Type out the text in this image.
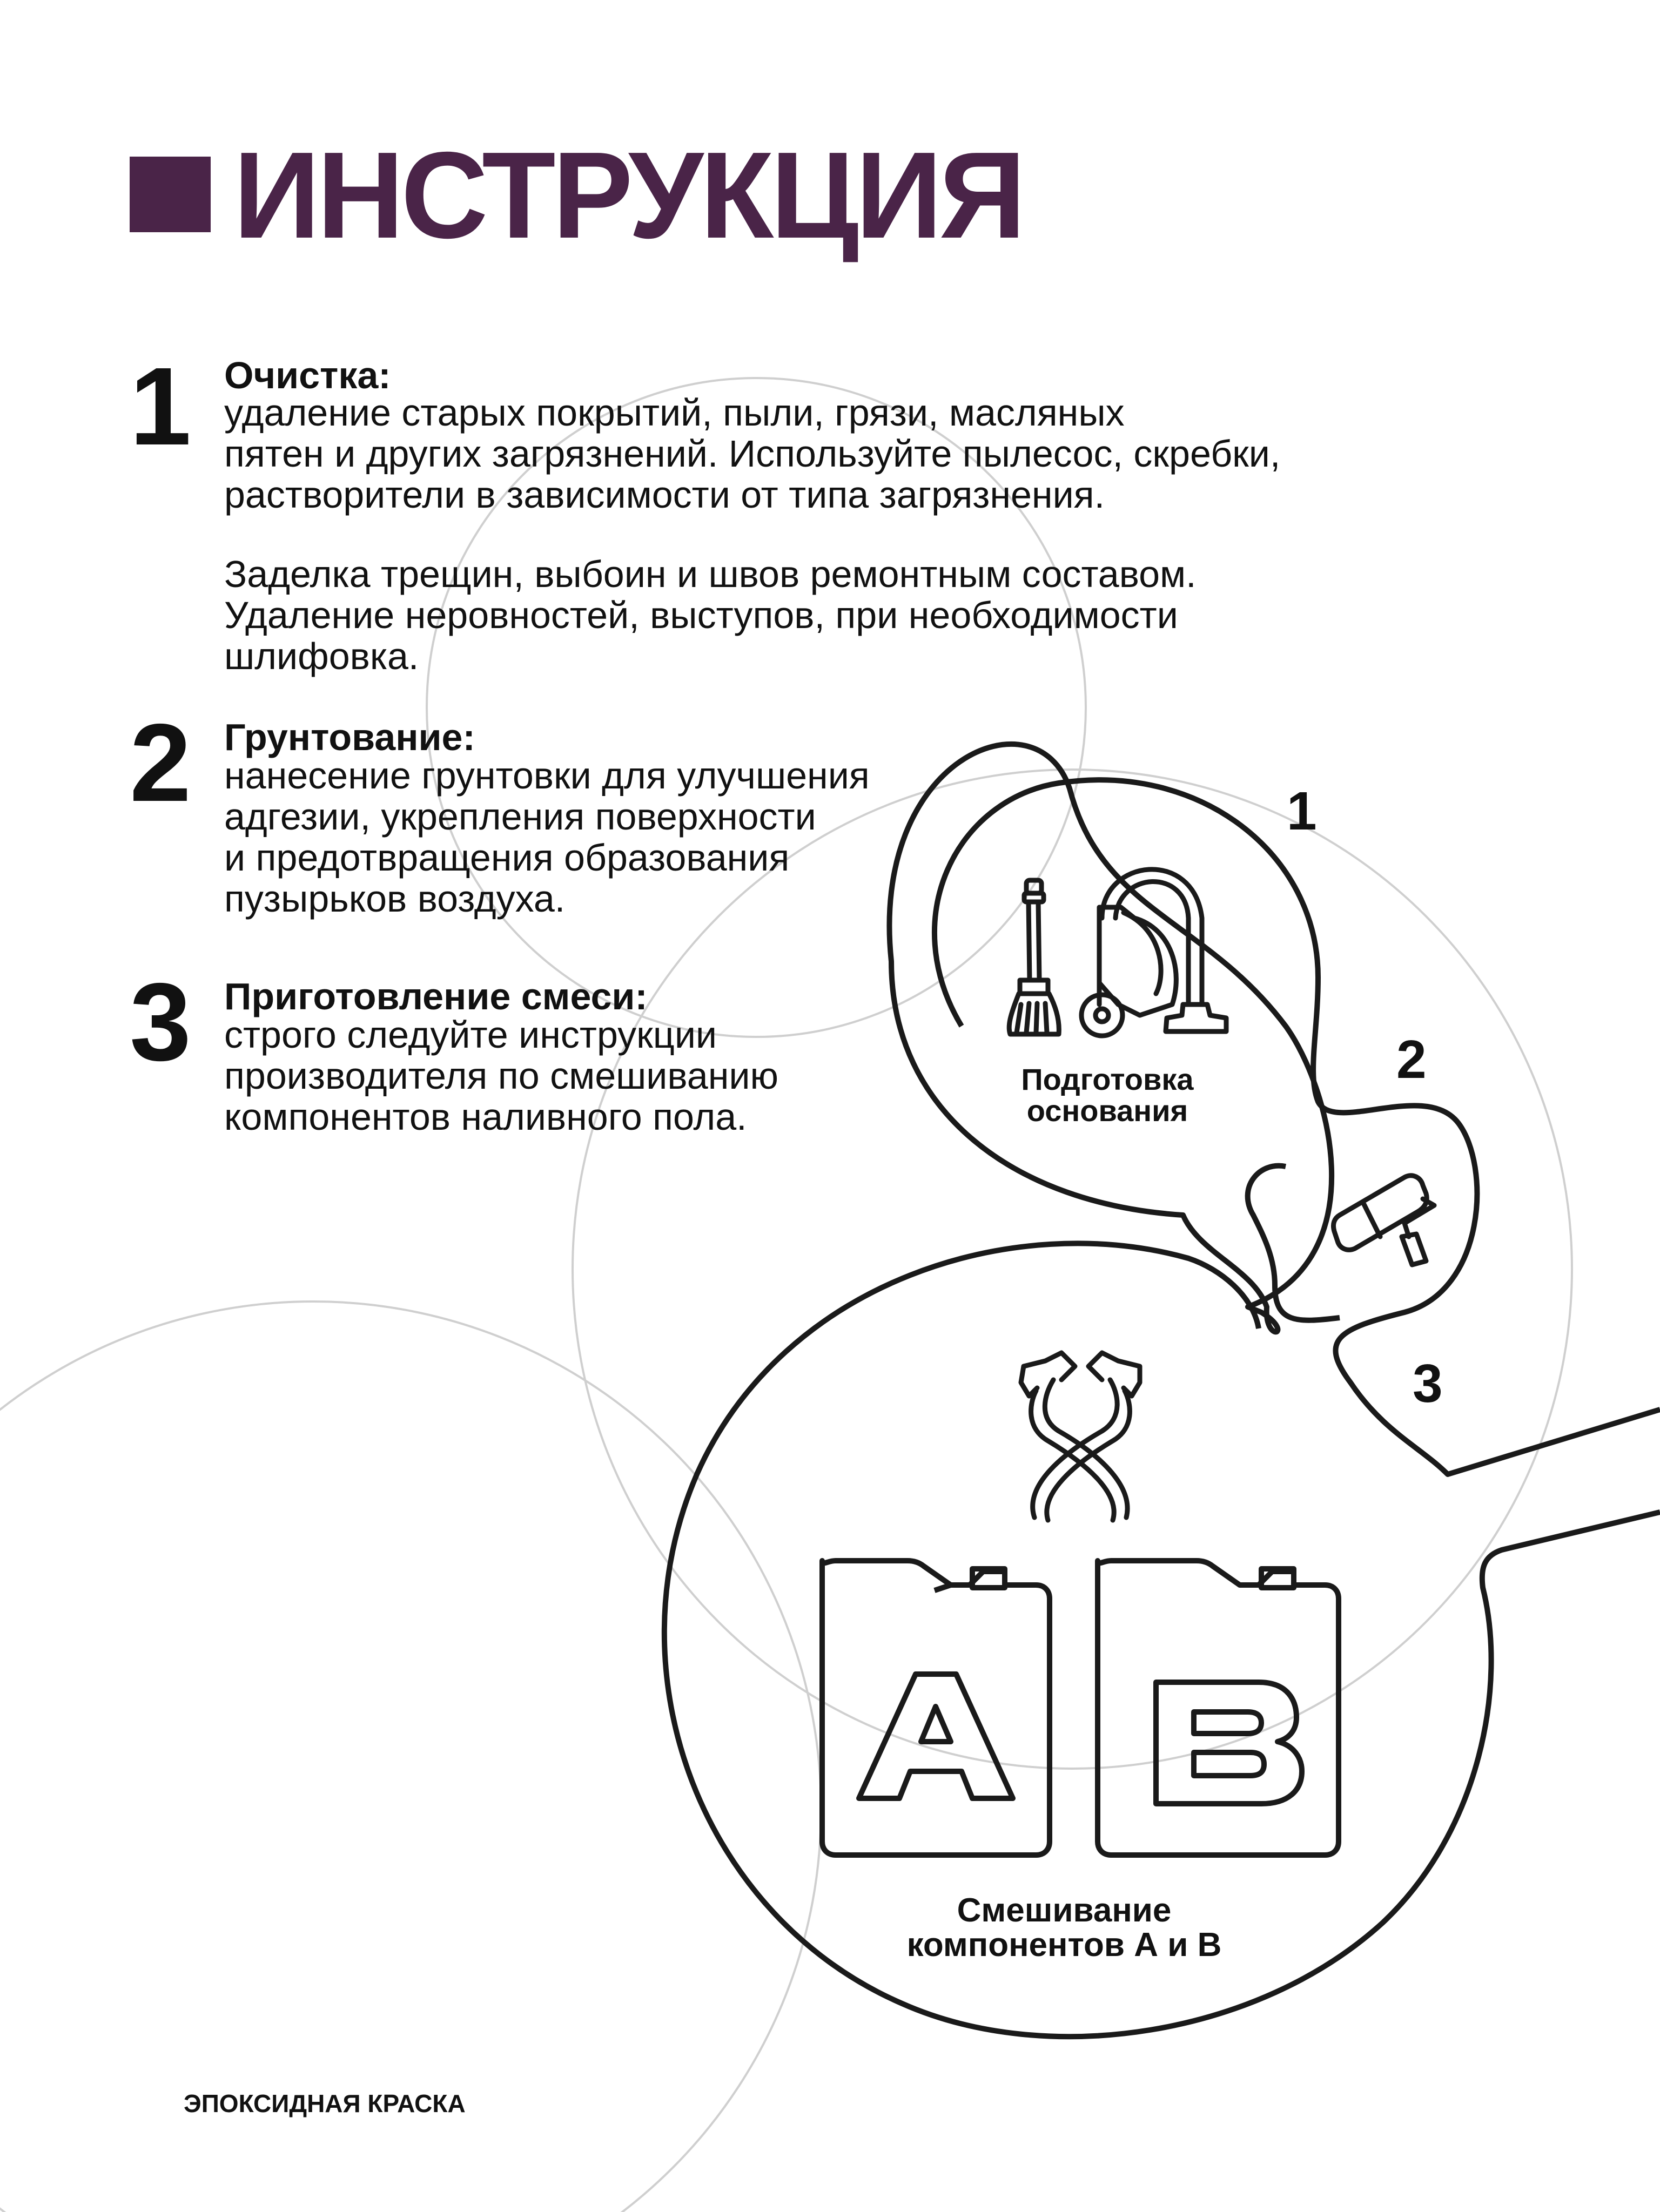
ИНСТРУКЦИЯ
1 Очистка:
удаление старых покрытий, пыли, грязи, масляных
пятен и других загрязнений. Используйте пылесос, скребки,
растворители в зависимости от типа загрязнения.
Заделка трещин, выбоин и швов ремонтным составом.
Удаление неровностей, выступов, при необходимости
шлифовка.
2 Грунтование:
нанесение грунтовки для улучшения
адгезии, укрепления поверхности
и предотвращения образования
пузырьков воздуха.
3 Приготовление смеси:
строго следуйте инструкции
производителя по смешиванию
компонентов наливного пола.
1
2
3
Подготовка
основания
Смешивание
компонентов А и В
ЭПОКСИДНАЯ КРАСКА
